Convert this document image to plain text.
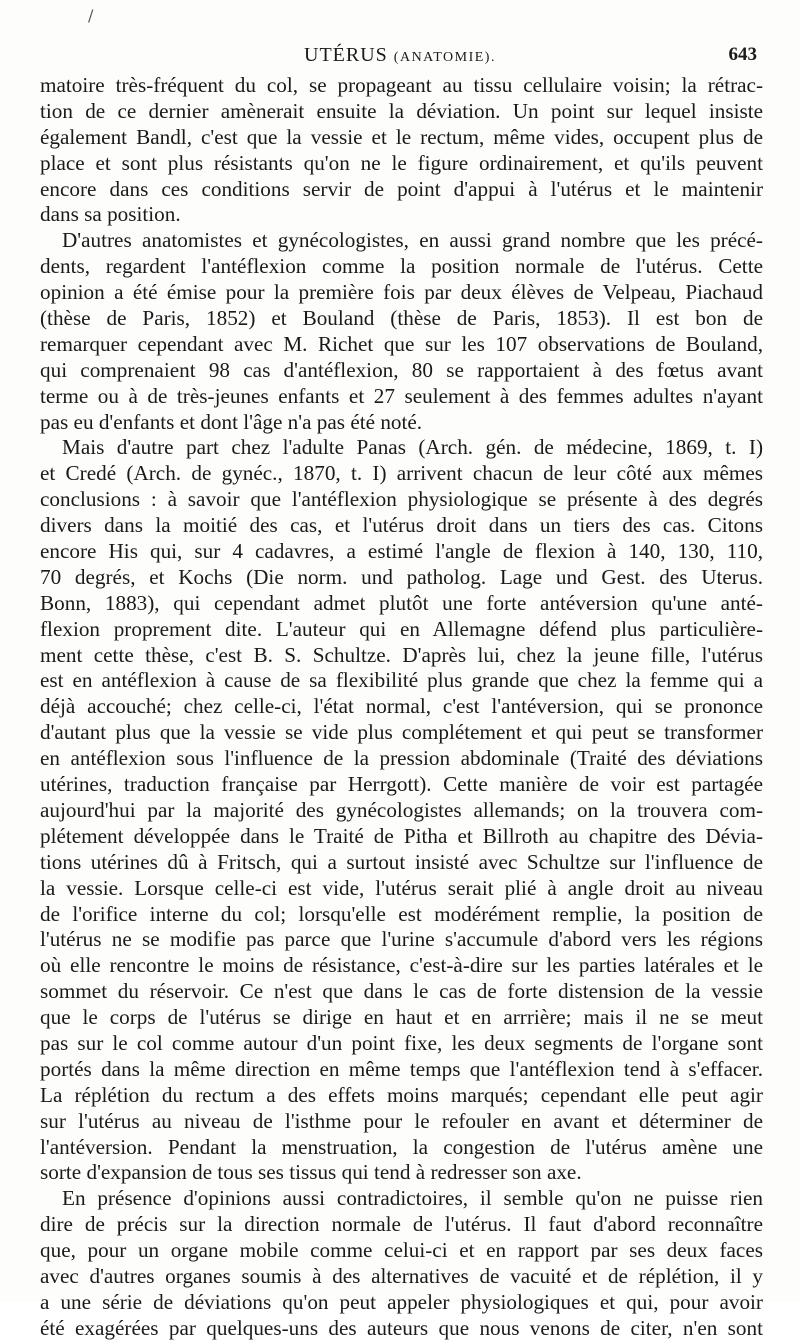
/
UTÉRUS (ANATOMIE).	643
matoire très-fréquent du col, se propageant au tissu cellulaire voisin; la rétrac-
tion de ce dernier amènerait ensuite la déviation. Un point sur lequel insiste
également Bandl, c'est que la vessie et le rectum, même vides, occupent plus de
place et sont plus résistants qu'on ne le figure ordinairement, et qu'ils peuvent
encore dans ces conditions servir de point d'appui à l'utérus et le maintenir
dans sa position.
D'autres anatomistes et gynécologistes, en aussi grand nombre que les précé-
dents, regardent l'antéflexion comme la position normale de l'utérus. Cette
opinion a été émise pour la première fois par deux élèves de Velpeau, Piachaud
(thèse de Paris, 1852) et Bouland (thèse de Paris, 1853). Il est bon de
remarquer cependant avec M. Richet que sur les 107 observations de Bouland,
qui comprenaient 98 cas d'antéflexion, 80 se rapportaient à des fœtus avant
terme ou à de très-jeunes enfants et 27 seulement à des femmes adultes n'ayant
pas eu d'enfants et dont l'âge n'a pas été noté.
Mais d'autre part chez l'adulte Panas (Arch. gén. de médecine, 1869, t. I)
et Credé (Arch. de gynéc., 1870, t. I) arrivent chacun de leur côté aux mêmes
conclusions : à savoir que l'antéflexion physiologique se présente à des degrés
divers dans la moitié des cas, et l'utérus droit dans un tiers des cas. Citons
encore His qui, sur 4 cadavres, a estimé l'angle de flexion à 140, 130, 110,
70 degrés, et Kochs (Die norm. und patholog. Lage und Gest. des Uterus.
Bonn, 1883), qui cependant admet plutôt une forte antéversion qu'une anté-
flexion proprement dite. L'auteur qui en Allemagne défend plus particulière-
ment cette thèse, c'est B. S. Schultze. D'après lui, chez la jeune fille, l'utérus
est en antéflexion à cause de sa flexibilité plus grande que chez la femme qui a
déjà accouché; chez celle-ci, l'état normal, c'est l'antéversion, qui se prononce
d'autant plus que la vessie se vide plus complétement et qui peut se transformer
en antéflexion sous l'influence de la pression abdominale (Traité des déviations
utérines, traduction française par Herrgott). Cette manière de voir est partagée
aujourd'hui par la majorité des gynécologistes allemands; on la trouvera com-
plétement développée dans le Traité de Pitha et Billroth au chapitre des Dévia-
tions utérines dû à Fritsch, qui a surtout insisté avec Schultze sur l'influence de
la vessie. Lorsque celle-ci est vide, l'utérus serait plié à angle droit au niveau
de l'orifice interne du col; lorsqu'elle est modérément remplie, la position de
l'utérus ne se modifie pas parce que l'urine s'accumule d'abord vers les régions
où elle rencontre le moins de résistance, c'est-à-dire sur les parties latérales et le
sommet du réservoir. Ce n'est que dans le cas de forte distension de la vessie
que le corps de l'utérus se dirige en haut et en arrrière; mais il ne se meut
pas sur le col comme autour d'un point fixe, les deux segments de l'organe sont
portés dans la même direction en même temps que l'antéflexion tend à s'effacer.
La réplétion du rectum a des effets moins marqués; cependant elle peut agir
sur l'utérus au niveau de l'isthme pour le refouler en avant et déterminer de
l'antéversion. Pendant la menstruation, la congestion de l'utérus amène une
sorte d'expansion de tous ses tissus qui tend à redresser son axe.
En présence d'opinions aussi contradictoires, il semble qu'on ne puisse rien
dire de précis sur la direction normale de l'utérus. Il faut d'abord reconnaître
que, pour un organe mobile comme celui-ci et en rapport par ses deux faces
avec d'autres organes soumis à des alternatives de vacuité et de réplétion, il y
a une série de déviations qu'on peut appeler physiologiques et qui, pour avoir
été exagérées par quelques-uns des auteurs que nous venons de citer, n'en sont
